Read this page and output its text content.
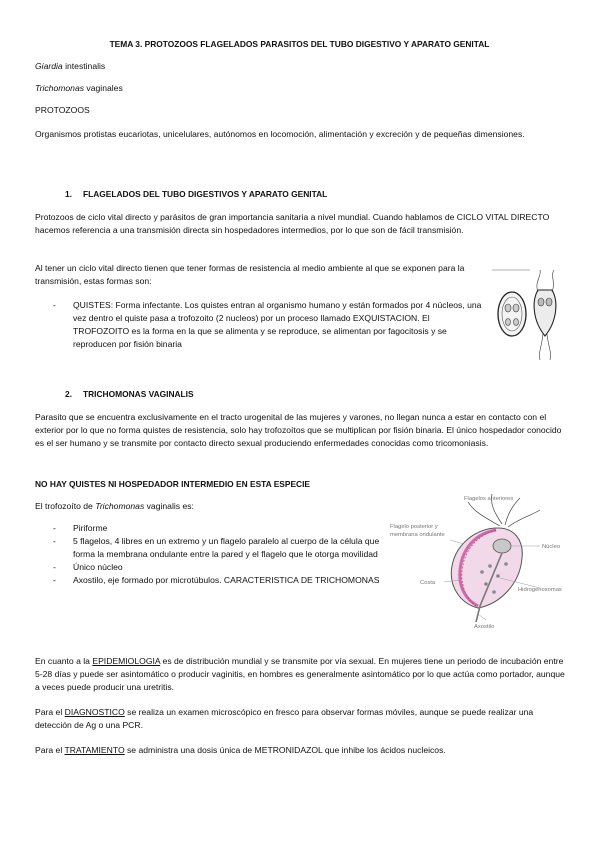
TEMA 3. PROTOZOOS FLAGELADOS PARASITOS DEL TUBO DIGESTIVO Y APARATO GENITAL

Giardia intestinalis

Trichomonas vaginales

PROTOZOOS

Organismos protistas eucariotas, unicelulares, autónomos en locomoción, alimentación y excreción y de pequeñas dimensiones.

1. FLAGELADOS DEL TUBO DIGESTIVOS Y APARATO GENITAL

Protozoos de ciclo vital directo y parásitos de gran importancia sanitaria a nivel mundial. Cuando hablamos de CICLO VITAL DIRECTO hacemos referencia a una transmisión directa sin hospedadores intermedios, por lo que son de fácil transmisión.

Al tener un ciclo vital directo tienen que tener formas de resistencia al medio ambiente al que se exponen para la transmisión, estas formas son:

- QUISTES: Forma infectante. Los quistes entran al organismo humano y están formados por 4 núcleos, una vez dentro el quiste pasa a trofozoito (2 nucleos) por un proceso llamado EXQUISTACION. El TROFOZOITO es la forma en la que se alimenta y se reproduce, se alimentan por fagocitosis y se reproducen por fisión binaria

2. TRICHOMONAS VAGINALIS

Parasito que se encuentra exclusivamente en el tracto urogenital de las mujeres y varones, no llegan nunca a estar en contacto con el exterior por lo que no forma quistes de resistencia, solo hay trofozoítos que se multiplican por fisión binaria. El único hospedador conocido es el ser humano y se transmite por contacto directo sexual produciendo enfermedades conocidas como tricomoniasis.

NO HAY QUISTES NI HOSPEDADOR INTERMEDIO EN ESTA ESPECIE

El trofozoíto de Trichomonas vaginalis es:

- Piriforme
- 5 flagelos, 4 libres en un extremo y un flagelo paralelo al cuerpo de la célula que forma la membrana ondulante entre la pared y el flagelo que le otorga movilidad
- Único núcleo
- Axostilo, eje formado por microtúbulos. CARACTERISTICA DE TRICHOMONAS
Flagelos anteriores
Flagelo posterior y
membrana ondulante
Núcleo
Costa
Hidrogenosomas
Axostilo

En cuanto a la EPIDEMIOLOGIA es de distribución mundial y se transmite por vía sexual. En mujeres tiene un periodo de incubación entre 5-28 días y puede ser asintomático o producir vaginitis, en hombres es generalmente asintomático por lo que actúa como portador, aunque a veces puede producir una uretritis.

Para el DIAGNOSTICO se realiza un examen microscópico en fresco para observar formas móviles, aunque se puede realizar una detección de Ag o una PCR.

Para el TRATAMIENTO se administra una dosis única de METRONIDAZOL que inhibe los ácidos nucleicos.
